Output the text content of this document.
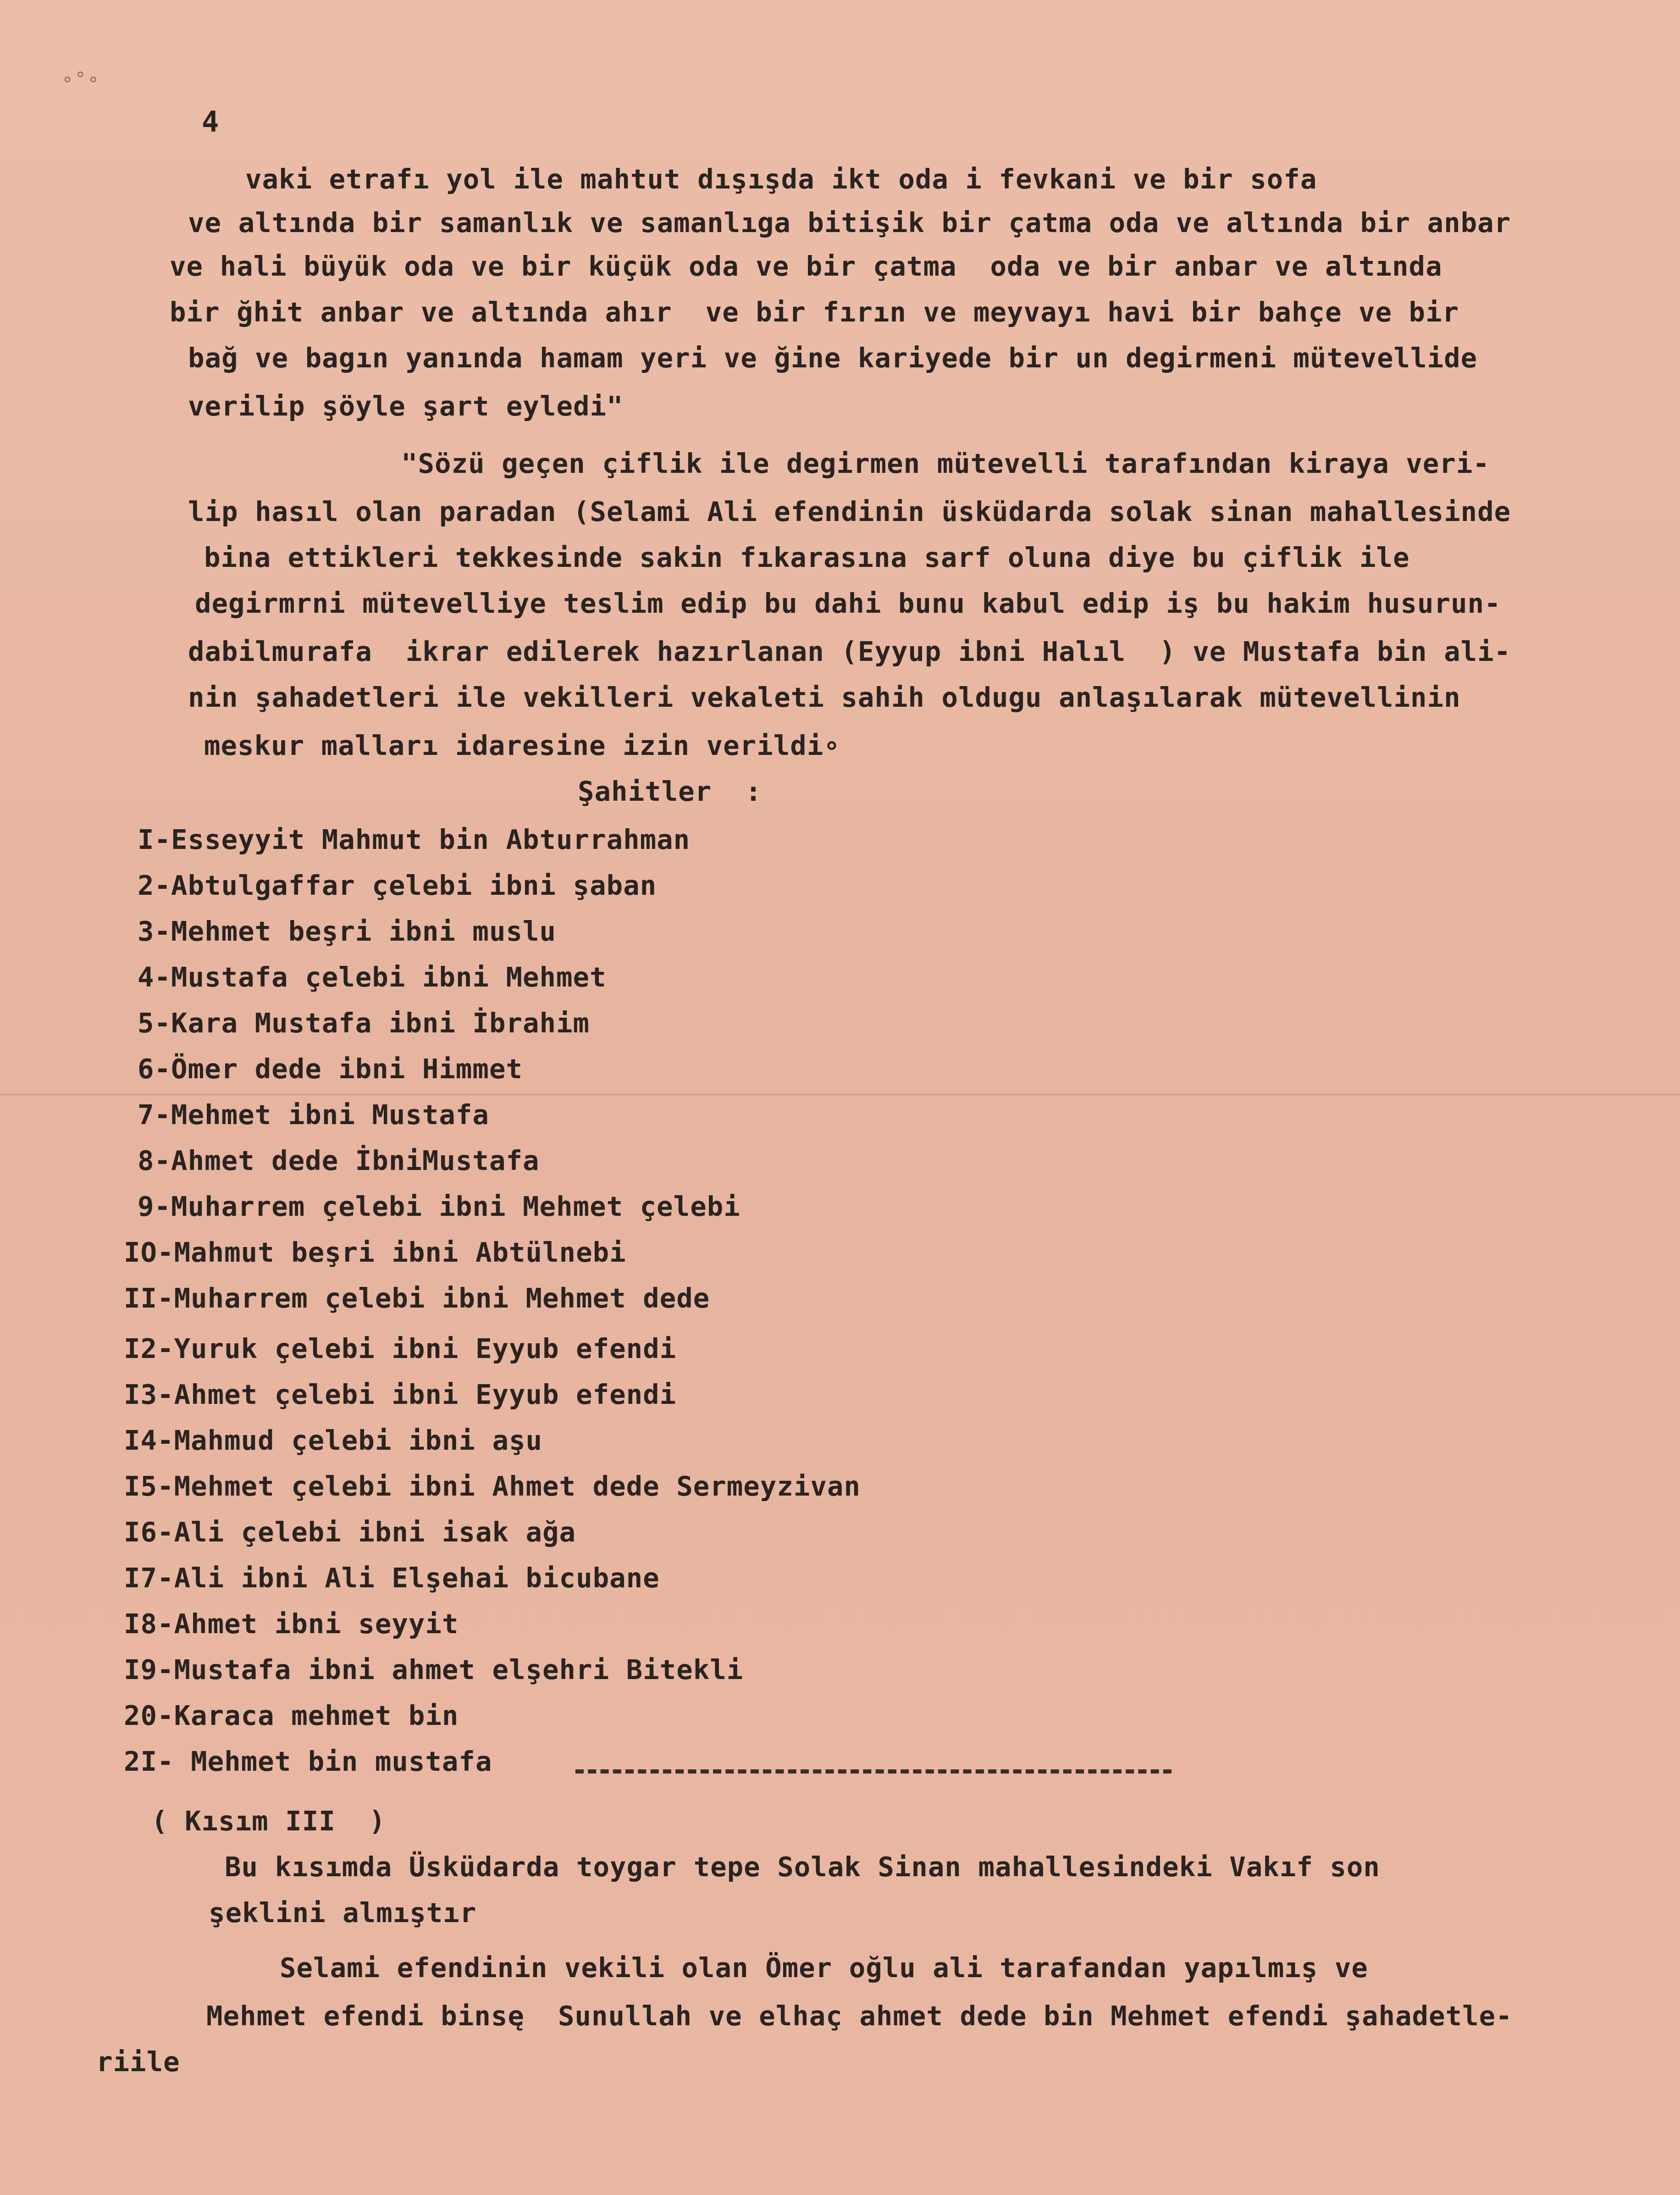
∘°∘
4
vaki etrafı yol ile mahtut dışışda ikt oda i fevkani ve bir sofa
ve altında bir samanlık ve samanlıga bitişik bir çatma oda ve altında bir anbar
ve hali büyük oda ve bir küçük oda ve bir çatma  oda ve bir anbar ve altında
bir ğhit anbar ve altında ahır  ve bir fırın ve meyvayı havi bir bahçe ve bir
bağ ve bagın yanında hamam yeri ve ğine kariyede bir un degirmeni mütevellide
verilip şöyle şart eyledi"
"Sözü geçen çiflik ile degirmen mütevelli tarafından kiraya veri-
lip hasıl olan paradan (Selami Ali efendinin üsküdarda solak sinan mahallesinde
bina ettikleri tekkesinde sakin fıkarasına sarf oluna diye bu çiflik ile
degirmrni mütevelliye teslim edip bu dahi bunu kabul edip iş bu hakim husurun-
dabilmurafa  ikrar edilerek hazırlanan (Eyyup ibni Halıl  ) ve Mustafa bin ali-
nin şahadetleri ile vekilleri vekaleti sahih oldugu anlaşılarak mütevellinin
meskur malları idaresine izin verildi∘
Şahitler  :
I-Esseyyit Mahmut bin Abturrahman
2-Abtulgaffar çelebi ibni şaban
3-Mehmet beşri ibni muslu
4-Mustafa çelebi ibni Mehmet
5-Kara Mustafa ibni İbrahim
6-Ömer dede ibni Himmet
7-Mehmet ibni Mustafa
8-Ahmet dede İbniMustafa
9-Muharrem çelebi ibni Mehmet çelebi
IO-Mahmut beşri ibni Abtülnebi
II-Muharrem çelebi ibni Mehmet dede
I2-Yuruk çelebi ibni Eyyub efendi
I3-Ahmet çelebi ibni Eyyub efendi
I4-Mahmud çelebi ibni aşu
I5-Mehmet çelebi ibni Ahmet dede Sermeyzivan
I6-Ali çelebi ibni isak ağa
I7-Ali ibni Ali Elşehai bicubane
I8-Ahmet ibni seyyit
I9-Mustafa ibni ahmet elşehri Bitekli
20-Karaca mehmet bin
2I- Mehmet bin mustafa
( Kısım III  )
Bu kısımda Üsküdarda toygar tepe Solak Sinan mahallesindeki Vakıf son
şeklini almıştır
Selami efendinin vekili olan Ömer oğlu ali tarafandan yapılmış ve
Mehmet efendi binsę  Sunullah ve elhaç ahmet dede bin Mehmet efendi şahadetle-
riile
